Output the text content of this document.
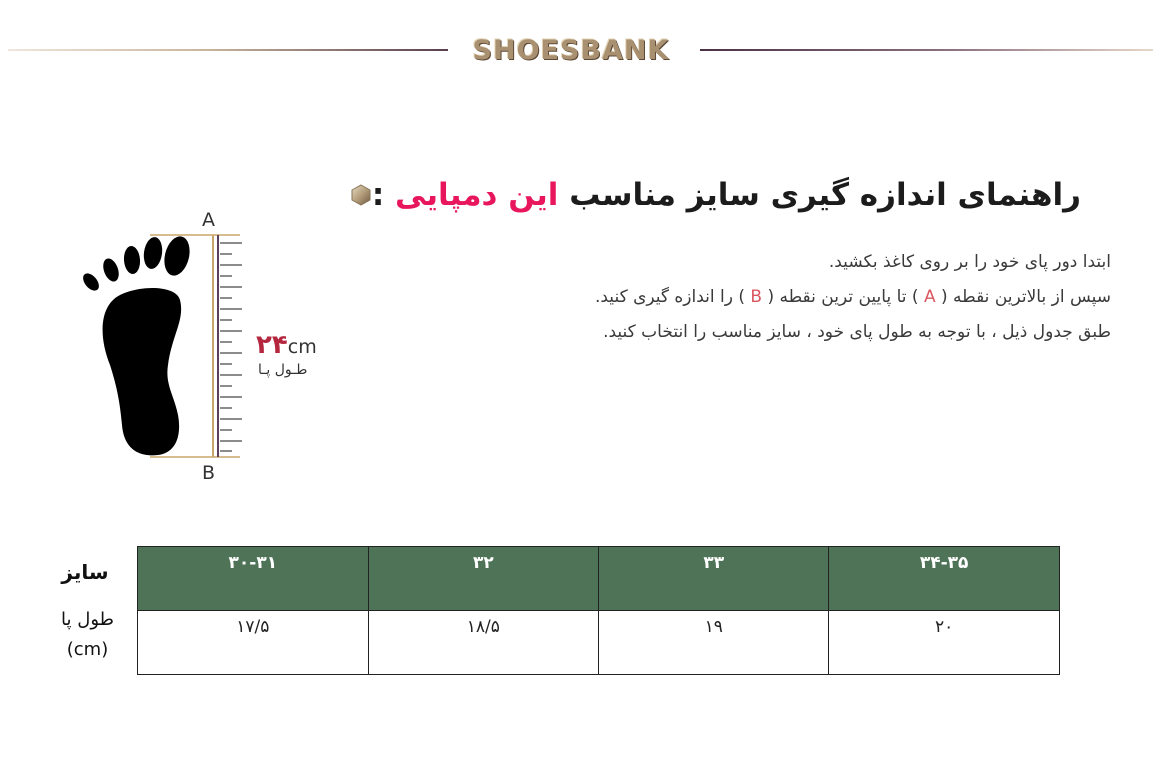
SHOESBANK
راهنمای اندازه گیری سایز مناسب این دمپایی :
ابتدا دور پای خود را بر روی کاغذ بکشید.
سپس از بالاترین نقطه ( A ) تا پایین ترین نقطه ( B ) را اندازه گیری کنید.
طبق جدول ذیل ، با توجه به طول پای خود ، سایز مناسب را انتخاب کنید.
A
B
۲۴cm
طـول پـا
سایز
طول پا
(cm)
۳۰-۳۱	۳۲	۳۳	۳۴-۳۵
۱۷/۵	۱۸/۵	۱۹	۲۰
